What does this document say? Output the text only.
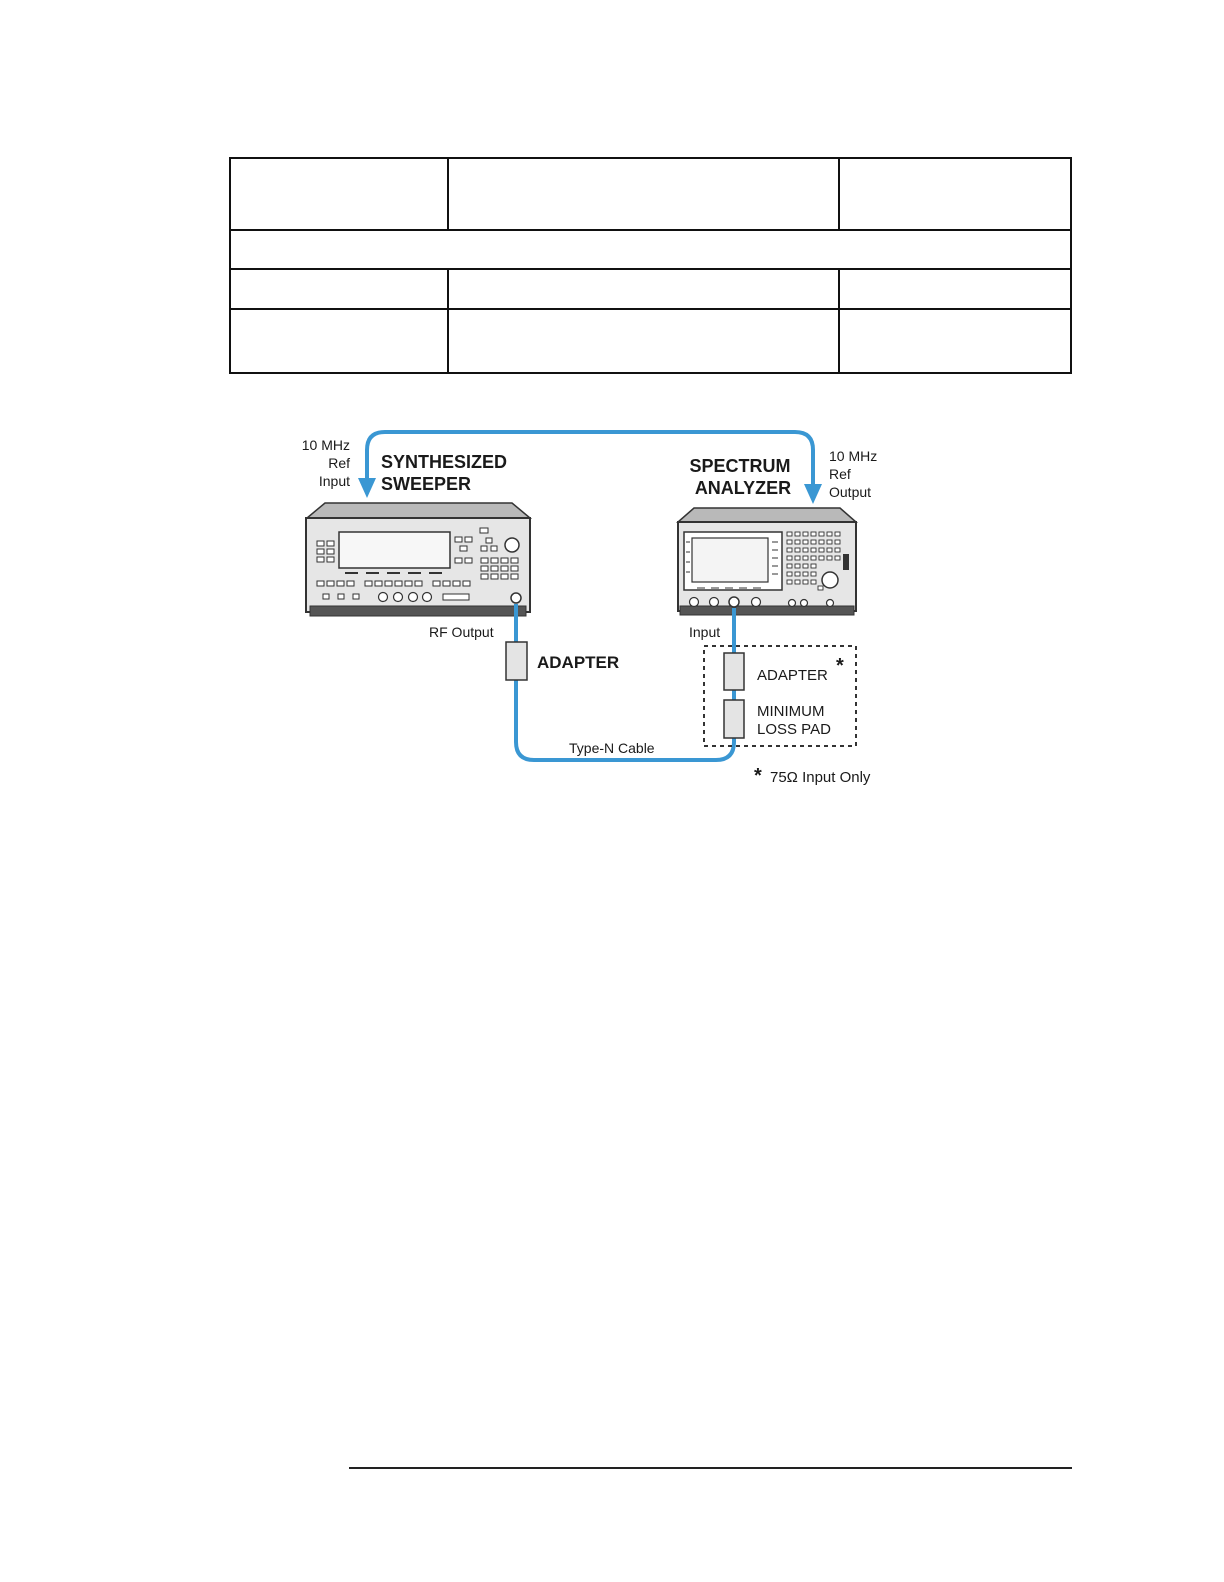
10 MHz
Ref
Input
SYNTHESIZED
SWEEPER
SPECTRUM
ANALYZER
10 MHz
Ref
Output
RF Output	Input
ADAPTER
Type-N Cable
ADAPTER *
MINIMUM
LOSS PAD
* 75Ω Input Only
